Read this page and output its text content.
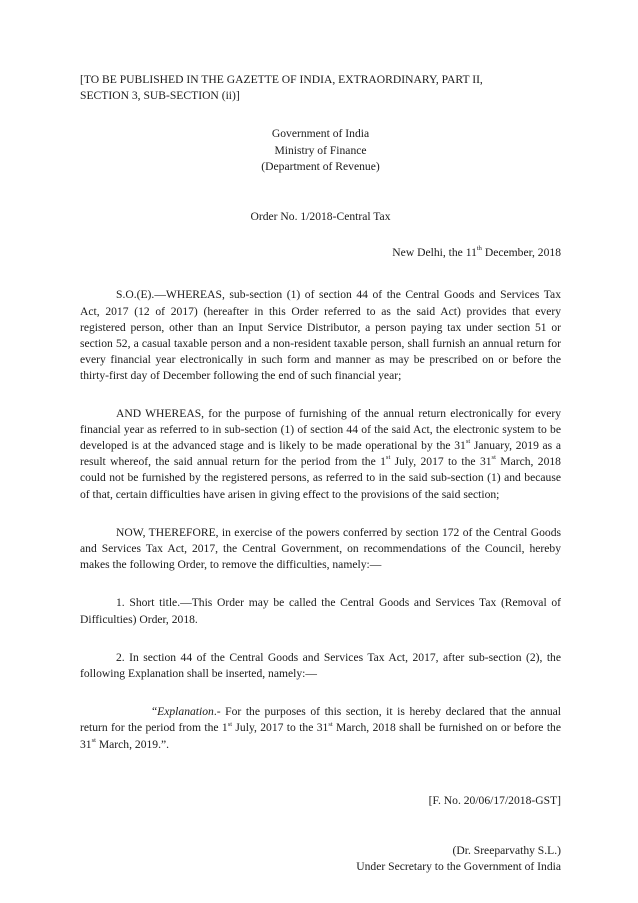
[TO BE PUBLISHED IN THE GAZETTE OF INDIA, EXTRAORDINARY, PART II,
SECTION 3, SUB-SECTION (ii)]

Government of India

Ministry of Finance

(Department of Revenue)

Order No. 1/2018-Central Tax

New Delhi, the 11th December, 2018

S.O.(E).—WHEREAS, sub-section (1) of section 44 of the Central Goods and Services Tax Act, 2017 (12 of 2017) (hereafter in this Order referred to as the said Act) provides that every registered person, other than an Input Service Distributor, a person paying tax under section 51 or section 52, a casual taxable person and a non-resident taxable person, shall furnish an annual return for every financial year electronically in such form and manner as may be prescribed on or before the thirty-first day of December following the end of such financial year;

AND WHEREAS, for the purpose of furnishing of the annual return electronically for every financial year as referred to in sub-section (1) of section 44 of the said Act, the electronic system to be developed is at the advanced stage and is likely to be made operational by the 31st January, 2019 as a result whereof, the said annual return for the period from the 1st July, 2017 to the 31st March, 2018 could not be furnished by the registered persons, as referred to in the said sub-section (1) and because of that, certain difficulties have arisen in giving effect to the provisions of the said section;

NOW, THEREFORE, in exercise of the powers conferred by section 172 of the Central Goods and Services Tax Act, 2017, the Central Government, on recommendations of the Council, hereby makes the following Order, to remove the difficulties, namely:—

1. Short title.—This Order may be called the Central Goods and Services Tax (Removal of Difficulties) Order, 2018.

2. In section 44 of the Central Goods and Services Tax Act, 2017, after sub-section (2), the following Explanation shall be inserted, namely:—

“Explanation.- For the purposes of this section, it is hereby declared that the annual return for the period from the 1st July, 2017 to the 31st March, 2018 shall be furnished on or before the 31st March, 2019.”.

[F. No. 20/06/17/2018-GST]

(Dr. Sreeparvathy S.L.)

Under Secretary to the Government of India
